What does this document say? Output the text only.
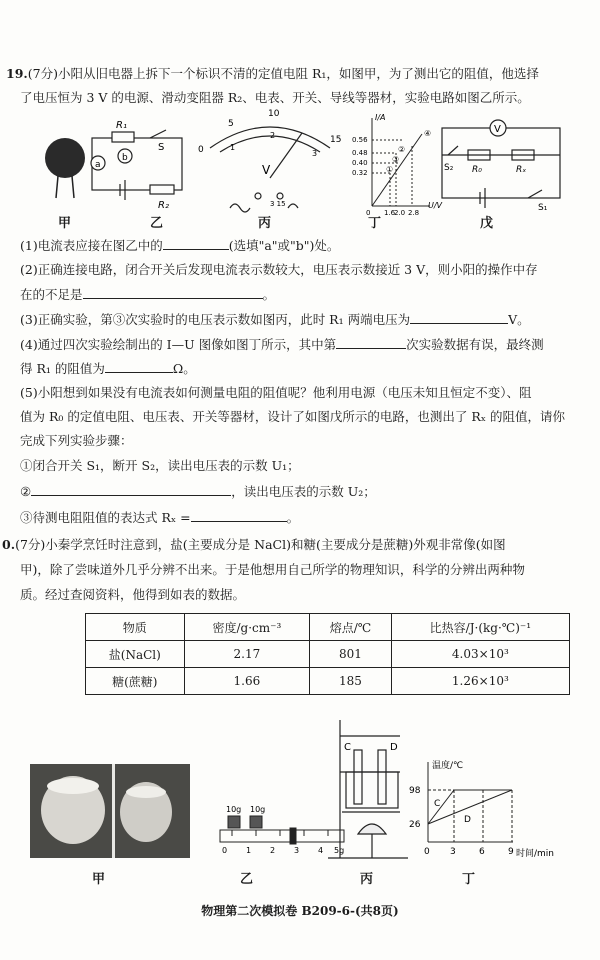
19.(7分)小阳从旧电器上拆下一个标识不清的定值电阻 R₁，如图甲，为了测出它的阻值，他选择
了电压恒为 3 V 的电源、滑动变阻器 R₂、电表、开关、导线等器材，实验电路如图乙所示。
R₁
a
b
S
R₂
0
5
10
15
1
2
3
V
3 15
I/A
U/V
0.56
0.48
0.40
0.32
0 1.6
2.0 2.8
①
②
③
④	V
S₂ R₀	Rₓ
S₁
甲	乙	丙	丁	戊
(1)电流表应接在图乙中的	(选填"a"或"b")处。
(2)正确连接电路，闭合开关后发现电流表示数较大，电压表示数接近 3 V，则小阳的操作中存
在的不足是	。
(3)正确实验，第③次实验时的电压表示数如图丙，此时 R₁ 两端电压为	V。
(4)通过四次实验绘制出的 I—U 图像如图丁所示，其中第	次实验数据有误，最终测
得 R₁ 的阻值为	Ω。
(5)小阳想到如果没有电流表如何测量电阻的阻值呢？他利用电源（电压未知且恒定不变）、阻
值为 R₀ 的定值电阻、电压表、开关等器材，设计了如图戊所示的电路，也测出了 Rₓ 的阻值，请你
完成下列实验步骤：
①闭合开关 S₁，断开 S₂，读出电压表的示数 U₁；
②	，读出电压表的示数 U₂；
③待测电阻阻值的表达式 Rₓ =	。
0.(7分)小秦学烹饪时注意到，盐(主要成分是 NaCl)和糖(主要成分是蔗糖)外观非常像(如图
甲)，除了尝味道外几乎分辨不出来。于是他想用自己所学的物理知识，科学的分辨出两种物
质。经过查阅资料，他得到如表的数据。
物质	密度/g·cm⁻³	熔点/℃	比热容/J·(kg·℃)⁻¹
盐(NaCl)	2.17	801	4.03×10³
糖(蔗糖)	1.66	185	1.26×10³
10g 10g
0 1 2 3 4 5g
C	D
温度/℃
时间/min
98
26
0 3	6	9
C
D
甲	乙	丙	丁
物理第二次模拟卷 B209-6-(共8页)
